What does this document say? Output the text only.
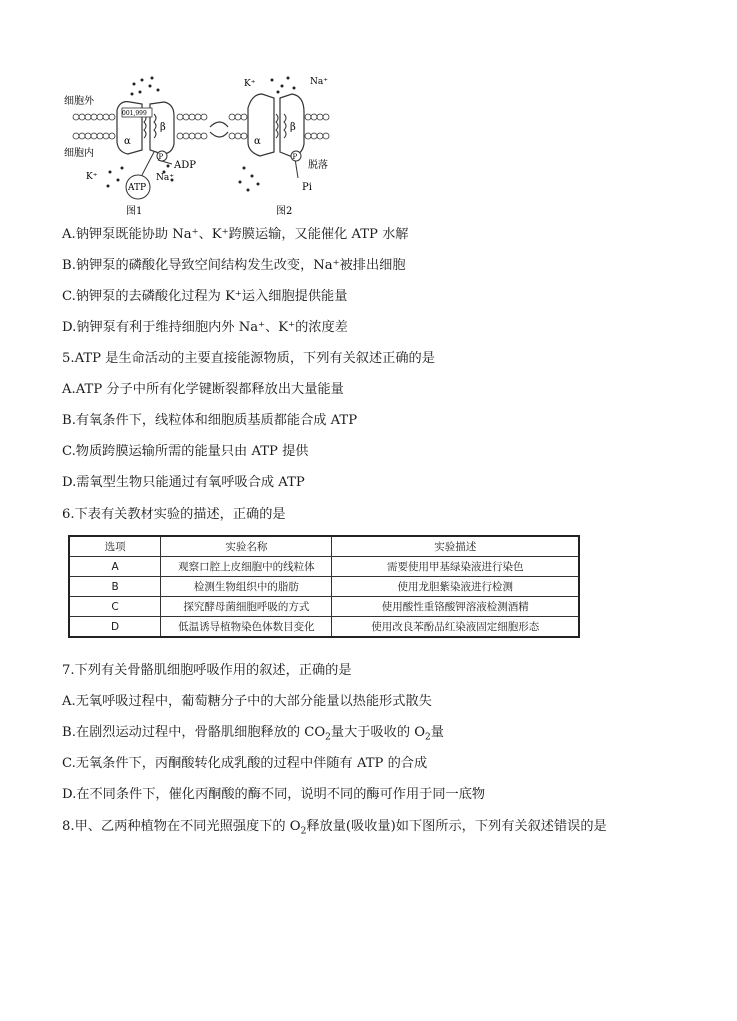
细胞外
细胞内
001,999
α
β
P
ADP
ATP
K⁺	Na⁺
K⁺	Na⁺
α
β
P
脱落
Pi
图1	图2
A.钠钾泵既能协助 Na⁺、K⁺跨膜运输，又能催化 ATP 水解
B.钠钾泵的磷酸化导致空间结构发生改变，Na⁺被排出细胞
C.钠钾泵的去磷酸化过程为 K⁺运入细胞提供能量
D.钠钾泵有利于维持细胞内外 Na⁺、K⁺的浓度差
5.ATP 是生命活动的主要直接能源物质，下列有关叙述正确的是
A.ATP 分子中所有化学键断裂都释放出大量能量
B.有氧条件下，线粒体和细胞质基质都能合成 ATP
C.物质跨膜运输所需的能量只由 ATP 提供
D.需氧型生物只能通过有氧呼吸合成 ATP
6.下表有关教材实验的描述，正确的是
选项	实验名称	实验描述
A	观察口腔上皮细胞中的线粒体	需要使用甲基绿染液进行染色
B	检测生物组织中的脂肪	使用龙胆紫染液进行检测
C	探究酵母菌细胞呼吸的方式	使用酸性重铬酸钾溶液检测酒精
D	低温诱导植物染色体数目变化	使用改良苯酚品红染液固定细胞形态
7.下列有关骨骼肌细胞呼吸作用的叙述，正确的是
A.无氧呼吸过程中，葡萄糖分子中的大部分能量以热能形式散失
B.在剧烈运动过程中，骨骼肌细胞释放的 $CO_2$量大于吸收的 $O_2$量
C.无氧条件下，丙酮酸转化成乳酸的过程中伴随有 ATP 的合成
D.在不同条件下，催化丙酮酸的酶不同，说明不同的酶可作用于同一底物
8.甲、乙两种植物在不同光照强度下的 $O_2$释放量(吸收量)如下图所示，下列有关叙述错误的是
